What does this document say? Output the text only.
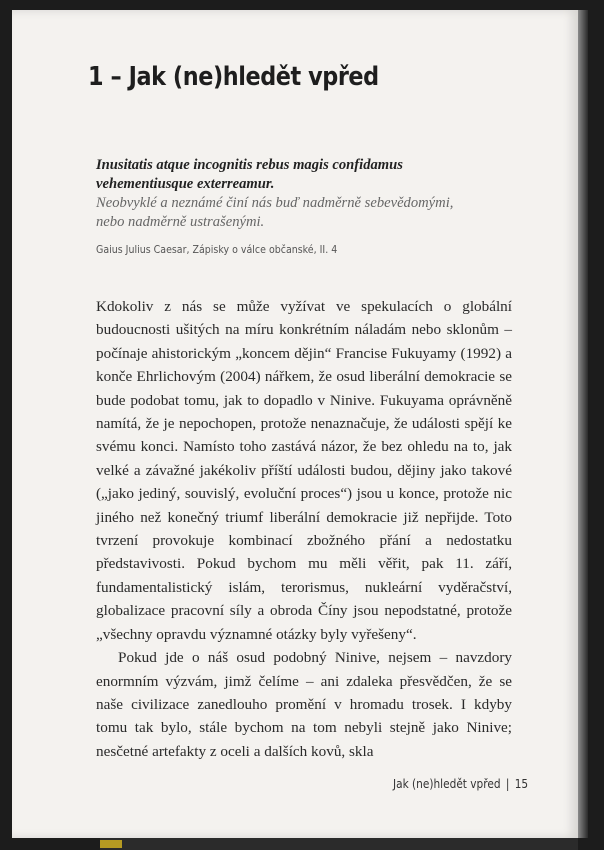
1 – Jak (ne)hledět vpřed

Inusitatis atque incognitis rebus magis confidamus

vehementiusque exterreamur.

Neobvyklé a neznámé činí nás buď nadměrně sebevědomými,

nebo nadměrně ustrašenými.

Gaius Julius Caesar, Zápisky o válce občanské, II. 4

Kdokoliv z nás se může vyžívat ve spekulacích o globální budoucnosti ušitých na míru konkrétním náladám nebo sklonům – počínaje ahistorickým „koncem dějin“ Francise Fukuyamy (1992) a konče Ehrlichovým (2004) nářkem, že osud liberální demokracie se bude podobat tomu, jak to dopadlo v Ninive. Fukuyama oprávněně namítá, že je nepochopen, protože nenaznačuje, že události spějí ke svému konci. Namísto toho zastává názor, že bez ohledu na to, jak velké a závažné jakékoliv příští události budou, dějiny jako takové („jako jediný, souvislý, evoluční proces“) jsou u konce, protože nic jiného než konečný triumf liberální demokracie již nepřijde. Toto tvrzení provokuje kombinací zbožného přání a nedostatku představivosti. Pokud bychom mu měli věřit, pak 11. září, fundamentalistický islám, terorismus, nukleární vyděračství, globalizace pracovní síly a obroda Číny jsou nepodstatné, protože „všechny opravdu významné otázky byly vyřešeny“.

Pokud jde o náš osud podobný Ninive, nejsem – navzdory enormním výzvám, jimž čelíme – ani zdaleka přesvědčen, že se naše civilizace zanedlouho promění v hromadu trosek. I kdyby tomu tak bylo, stále bychom na tom nebyli stejně jako Ninive; nesčetné artefakty z oceli a dalších kovů, skla

Jak (ne)hledět vpřed | 15
